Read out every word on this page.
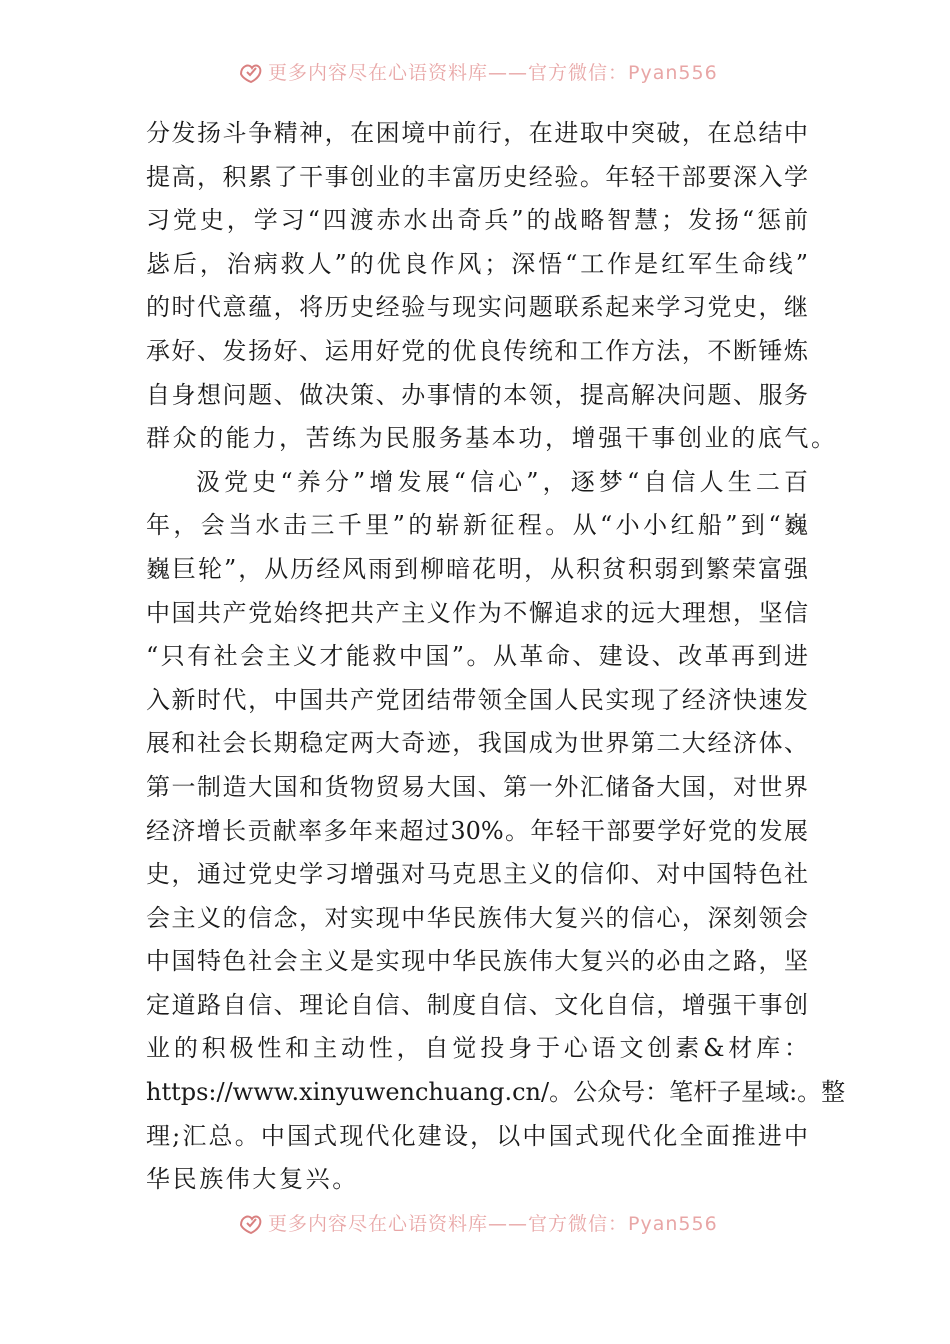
更多内容尽在心语资料库——官方微信：Pyan556
分发扬斗争精神，在困境中前行，在进取中突破，在总结中
提高，积累了干事创业的丰富历史经验。年轻干部要深入学
习党史，学习“四渡赤水出奇兵”的战略智慧；发扬“惩前
毖后，治病救人”的优良作风；深悟“工作是红军生命线”
的时代意蕴，将历史经验与现实问题联系起来学习党史，继
承好、发扬好、运用好党的优良传统和工作方法，不断锤炼
自身想问题、做决策、办事情的本领，提高解决问题、服务
群众的能力，苦练为民服务基本功，增强干事创业的底气。
汲党史“养分”增发展“信心”，逐梦“自信人生二百
年，会当水击三千里”的崭新征程。从“小小红船”到“巍
巍巨轮”，从历经风雨到柳暗花明，从积贫积弱到繁荣富强
中国共产党始终把共产主义作为不懈追求的远大理想，坚信
“只有社会主义才能救中国”。从革命、建设、改革再到进
入新时代，中国共产党团结带领全国人民实现了经济快速发
展和社会长期稳定两大奇迹，我国成为世界第二大经济体、
第一制造大国和货物贸易大国、第一外汇储备大国，对世界
经济增长贡献率多年来超过30%。年轻干部要学好党的发展
史，通过党史学习增强对马克思主义的信仰、对中国特色社
会主义的信念，对实现中华民族伟大复兴的信心，深刻领会
中国特色社会主义是实现中华民族伟大复兴的必由之路，坚
定道路自信、理论自信、制度自信、文化自信，增强干事创
业的积极性和主动性，自觉投身于心语文创素&材库：
https://www.xinyuwenchuang.cn/。公众号：笔杆子星域:。整
理;汇总。中国式现代化建设，以中国式现代化全面推进中
华民族伟大复兴。
更多内容尽在心语资料库——官方微信：Pyan556
